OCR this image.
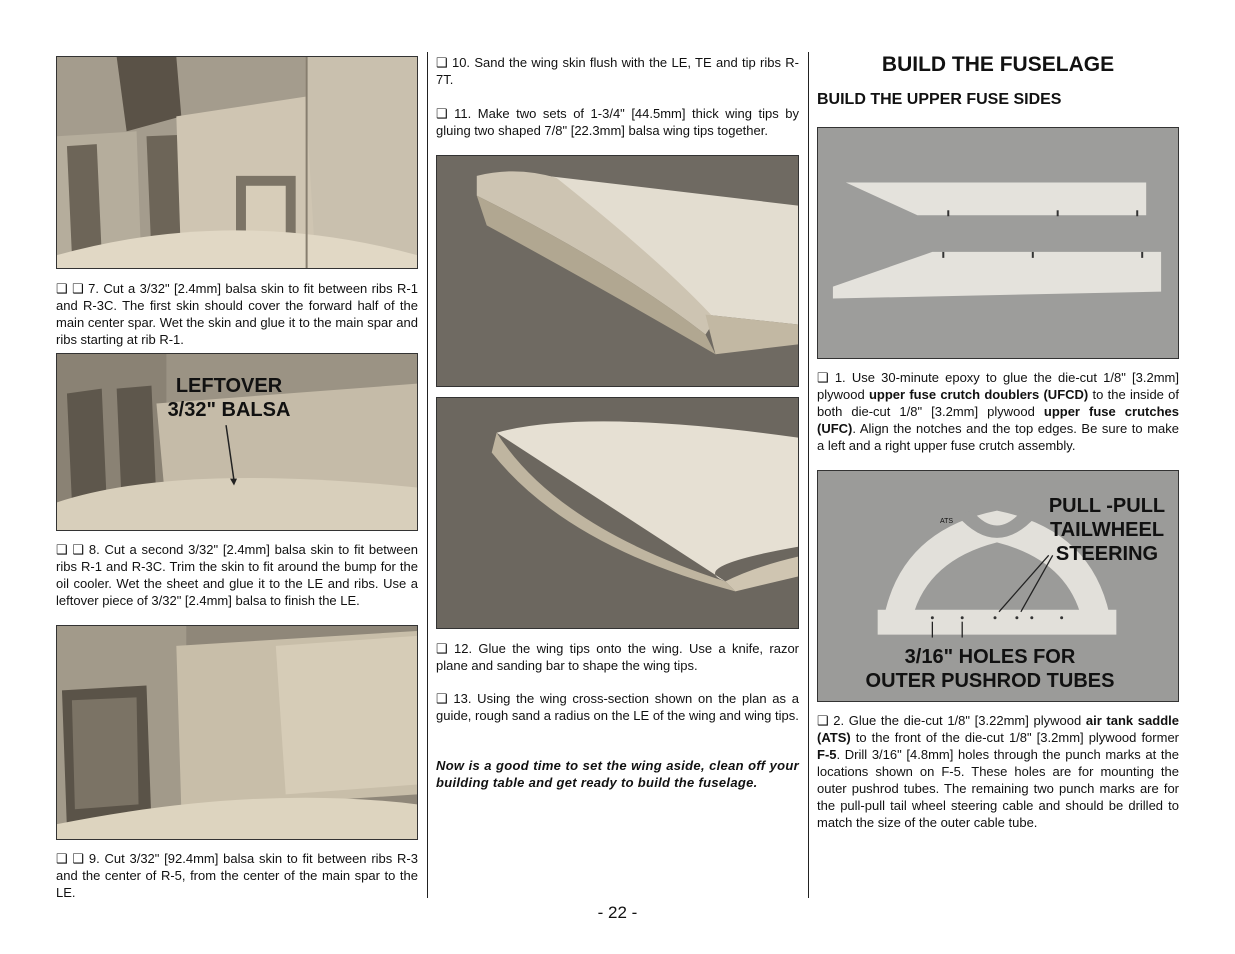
❑ ❑ 7. Cut a 3/32" [2.4mm] balsa skin to fit between ribs R-1 and R-3C. The first skin should cover the forward half of the main center spar. Wet the skin and glue it to the main spar and ribs starting at rib R-1.

LEFTOVER
3/32" BALSA

❑ ❑ 8. Cut a second 3/32" [2.4mm] balsa skin to fit between ribs R-1 and R-3C. Trim the skin to fit around the bump for the oil cooler. Wet the sheet and glue it to the LE and ribs. Use a leftover piece of 3/32" [2.4mm] balsa to finish the LE.

❑ ❑ 9. Cut 3/32" [92.4mm] balsa skin to fit between ribs R-3 and the center of R-5, from the center of the main spar to the LE.

❑ 10. Sand the wing skin flush with the LE, TE and tip ribs R-7T.

❑ 11. Make two sets of 1-3/4" [44.5mm] thick wing tips by gluing two shaped 7/8" [22.3mm] balsa wing tips together.

❑ 12. Glue the wing tips onto the wing. Use a knife, razor plane and sanding bar to shape the wing tips.

❑ 13. Using the wing cross-section shown on the plan as a guide, rough sand a radius on the LE of the wing and wing tips.

Now is a good time to set the wing aside, clean off your building table and get ready to build the fuselage.

BUILD THE FUSELAGE
BUILD THE UPPER FUSE SIDES

❑ 1. Use 30-minute epoxy to glue the die-cut 1/8" [3.2mm] plywood upper fuse crutch doublers (UFCD) to the inside of both die-cut 1/8" [3.2mm] plywood upper fuse crutches (UFC). Align the notches and the top edges. Be sure to make a left and a right upper fuse crutch assembly.

PULL -PULL
TAILWHEEL
STEERING
3/16" HOLES FOR
OUTER PUSHROD TUBES
ATS

❑ 2. Glue the die-cut 1/8" [3.22mm] plywood air tank saddle (ATS) to the front of the die-cut 1/8" [3.2mm] plywood former F-5. Drill 3/16" [4.8mm] holes through the punch marks at the locations shown on F-5. These holes are for mounting the outer pushrod tubes. The remaining two punch marks are for the pull-pull tail wheel steering cable and should be drilled to match the size of the outer cable tube.

- 22 -
